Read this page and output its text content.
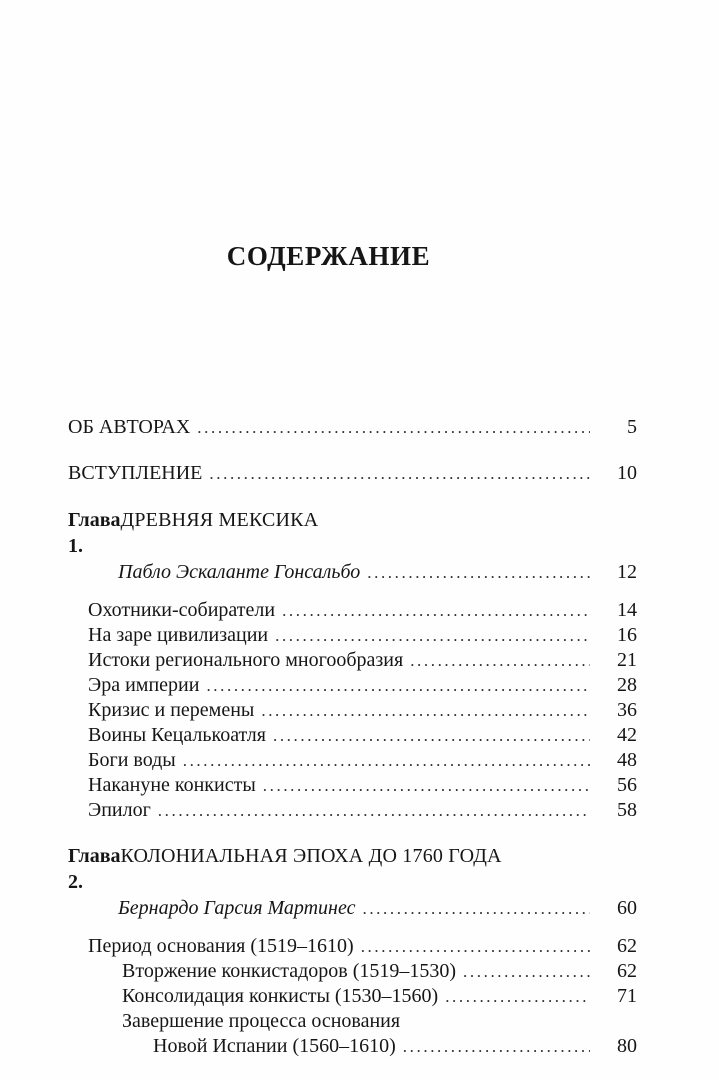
СОДЕРЖАНИЕ
ОБ АВТОРАХ .....	5
ВСТУПЛЕНИЕ .....	10
Глава 1.
ДРЕВНЯЯ МЕКСИКА
Пабло Эскаланте Гонсальбо .....	12
Охотники-собиратели .....	14
На заре цивилизации .....	16
Истоки регионального многообразия .....	21
Эра империи .....	28
Кризис и перемены .....	36
Воины Кецалькоатля .....	42
Боги воды .....	48
Накануне конкисты .....	56
Эпилог .....	58
Глава 2.
КОЛОНИАЛЬНАЯ ЭПОХА ДО 1760 ГОДА
Бернардо Гарсия Мартинес .....	60
Период основания (1519–1610) .....	62
Вторжение конкистадоров (1519–1530) .....	62
Консолидация конкисты (1530–1560) .....	71
Завершение процесса основания
Новой Испании (1560–1610) .....	80
